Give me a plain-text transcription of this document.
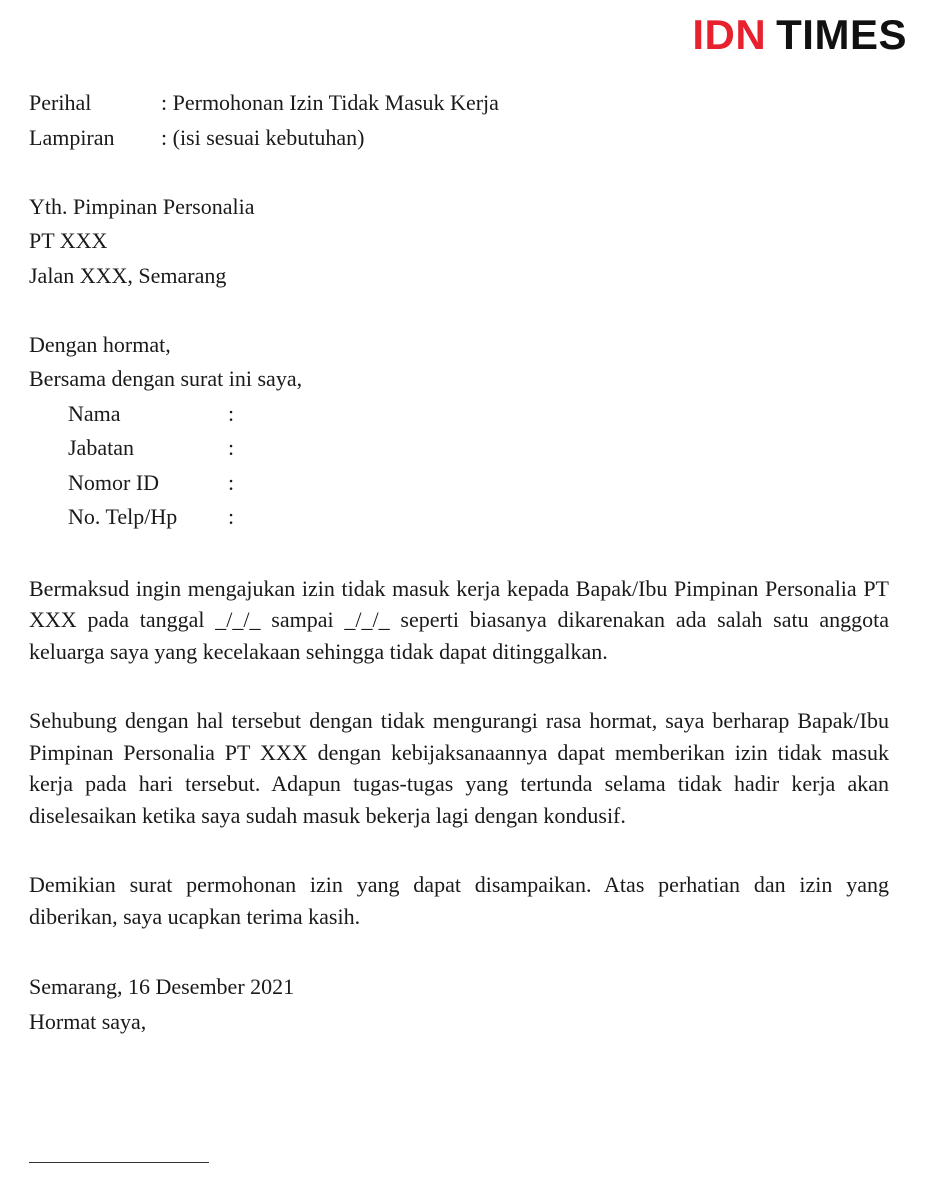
IDN TIMES
Perihal	: Permohonan Izin Tidak Masuk Kerja
Lampiran	: (isi sesuai kebutuhan)
Yth. Pimpinan Personalia
PT XXX
Jalan XXX, Semarang
Dengan hormat,
Bersama dengan surat ini saya,
Nama	:
Jabatan	:
Nomor ID	:
No. Telp/Hp	:

Bermaksud ingin mengajukan izin tidak masuk kerja kepada Bapak/Ibu Pimpinan Personalia PT XXX pada tanggal _/_/_ sampai _/_/_ seperti biasanya dikarenakan ada salah satu anggota keluarga saya yang kecelakaan sehingga tidak dapat ditinggalkan.

Sehubung dengan hal tersebut dengan tidak mengurangi rasa hormat, saya berharap Bapak/Ibu Pimpinan Personalia PT XXX dengan kebijaksanaannya dapat memberikan izin tidak masuk kerja pada hari tersebut. Adapun tugas-tugas yang tertunda selama tidak hadir kerja akan diselesaikan ketika saya sudah masuk bekerja lagi dengan kondusif.

Demikian surat permohonan izin yang dapat disampaikan. Atas perhatian dan izin yang diberikan, saya ucapkan terima kasih.

Semarang, 16 Desember 2021
Hormat saya,
